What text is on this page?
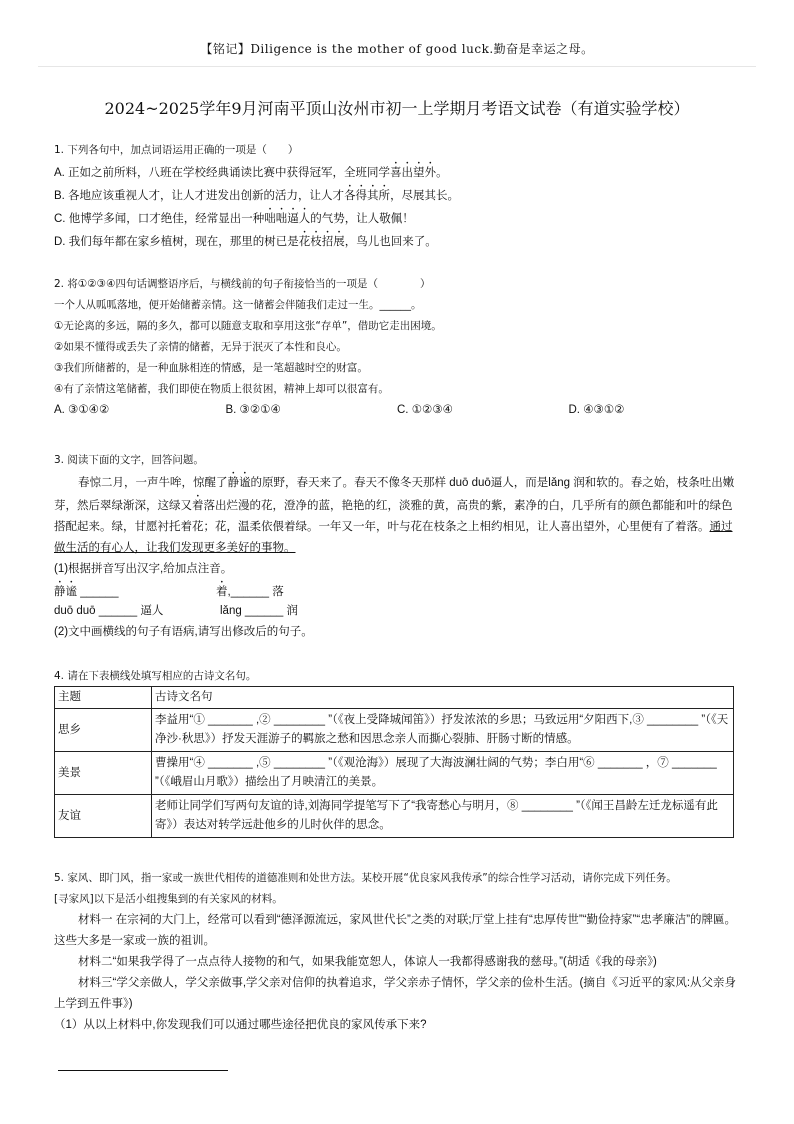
【铭记】Diligence is the mother of good luck.勤奋是幸运之母。
2024~2025学年9月河南平顶山汝州市初一上学期月考语文试卷（有道实验学校）
1. 下列各句中，加点词语运用正确的一项是（　　）
A. 正如之前所料，八班在学校经典诵读比赛中获得冠军，全班同学喜出望外。
B. 各地应该重视人才，让人才进发出创新的活力，让人才各得其所，尽展其长。
C. 他博学多闻，口才绝佳，经常显出一种咄咄逼人的气势，让人敬佩！
D. 我们每年都在家乡植树，现在，那里的树已是花枝招展，鸟儿也回来了。
2. 将①②③④四句话调整语序后，与横线前的句子衔接恰当的一项是（　　　　）
一个人从呱呱落地，便开始储蓄亲情。这一储蓄会伴随我们走过一生。______。
①无论离的多远，隔的多久，都可以随意支取和享用这张“存单”，借助它走出困境。
②如果不懂得或丢失了亲情的储蓄，无异于泯灭了本性和良心。
③我们所储蓄的，是一种血脉相连的情感，是一笔超越时空的财富。
④有了亲情这笔储蓄，我们即使在物质上很贫困，精神上却可以很富有。
A. ③①④②	B. ③②①④	C. ①②③④	D. ④③①②
3. 阅读下面的文字，回答问题。
春惊二月，一声牛哞，惊醒了静谧的原野，春天来了。春天不像冬天那样 duō duō逼人，而是lǎng 润和软的。春之始，枝条吐出嫩芽，然后翠绿渐深，这绿又着落出烂漫的花，澄净的蓝，艳艳的红，淡雅的黄，高贵的紫，素净的白，几乎所有的颜色都能和叶的绿色搭配起来。绿，甘愿衬托着花；花，温柔依偎着绿。一年又一年，叶与花在枝条之上相约相见，让人喜出望外，心里便有了着落。通过做生活的有心人，让我们发现更多美好的事物。
(1)根据拼音写出汉字,给加点注音。
静谧 ______	着,______ 落
duō duō ______ 逼人	lǎng ______ 润
(2)文中画横线的句子有语病,请写出修改后的句子。
4. 请在下表横线处填写相应的古诗文名句。
主题	古诗文名句
思乡	李益用“① _______ ,② ________ ”（《夜上受降城闻笛》）抒发浓浓的乡思；马致远用“夕阳西下,③ ________ ”（《天净沙·秋思》）抒发天涯游子的羁旅之愁和因思念亲人而撕心裂肺、肝肠寸断的情感。
美景	曹操用“④ _______ ,⑤ ________ ”（《观沧海》）展现了大海波澜壮阔的气势；李白用“⑥ _______ ，⑦ _______ ”（《峨眉山月歌》）描绘出了月映清江的美景。
友谊	老师让同学们写两句友谊的诗,刘海同学提笔写下了“我寄愁心与明月，⑧ ________ ”（《闻王昌龄左迁龙标遥有此寄》）表达对转学远赴他乡的儿时伙伴的思念。
5. 家风、即门风，指一家或一族世代相传的道德准则和处世方法。某校开展“优良家风我传承”的综合性学习活动，请你完成下列任务。
[寻家风]以下是活小组搜集到的有关家风的材料。
材料一 在宗祠的大门上，经常可以看到“德泽源流远，家风世代长”之类的对联;厅堂上挂有“忠厚传世”“勤俭持家”“忠孝廉洁”的牌匾。这些大多是一家或一族的祖训。
材料二“如果我学得了一点点待人接物的和气，如果我能宽恕人，体谅人一我都得感谢我的慈母。”(胡适《我的母亲》)
材料三“学父亲做人，学父亲做事,学父亲对信仰的执着追求，学父亲赤子情怀，学父亲的俭朴生活。(摘自《习近平的家风:从父亲身上学到五件事》)
（1）从以上材料中,你发现我们可以通过哪些途径把优良的家风传承下来?
